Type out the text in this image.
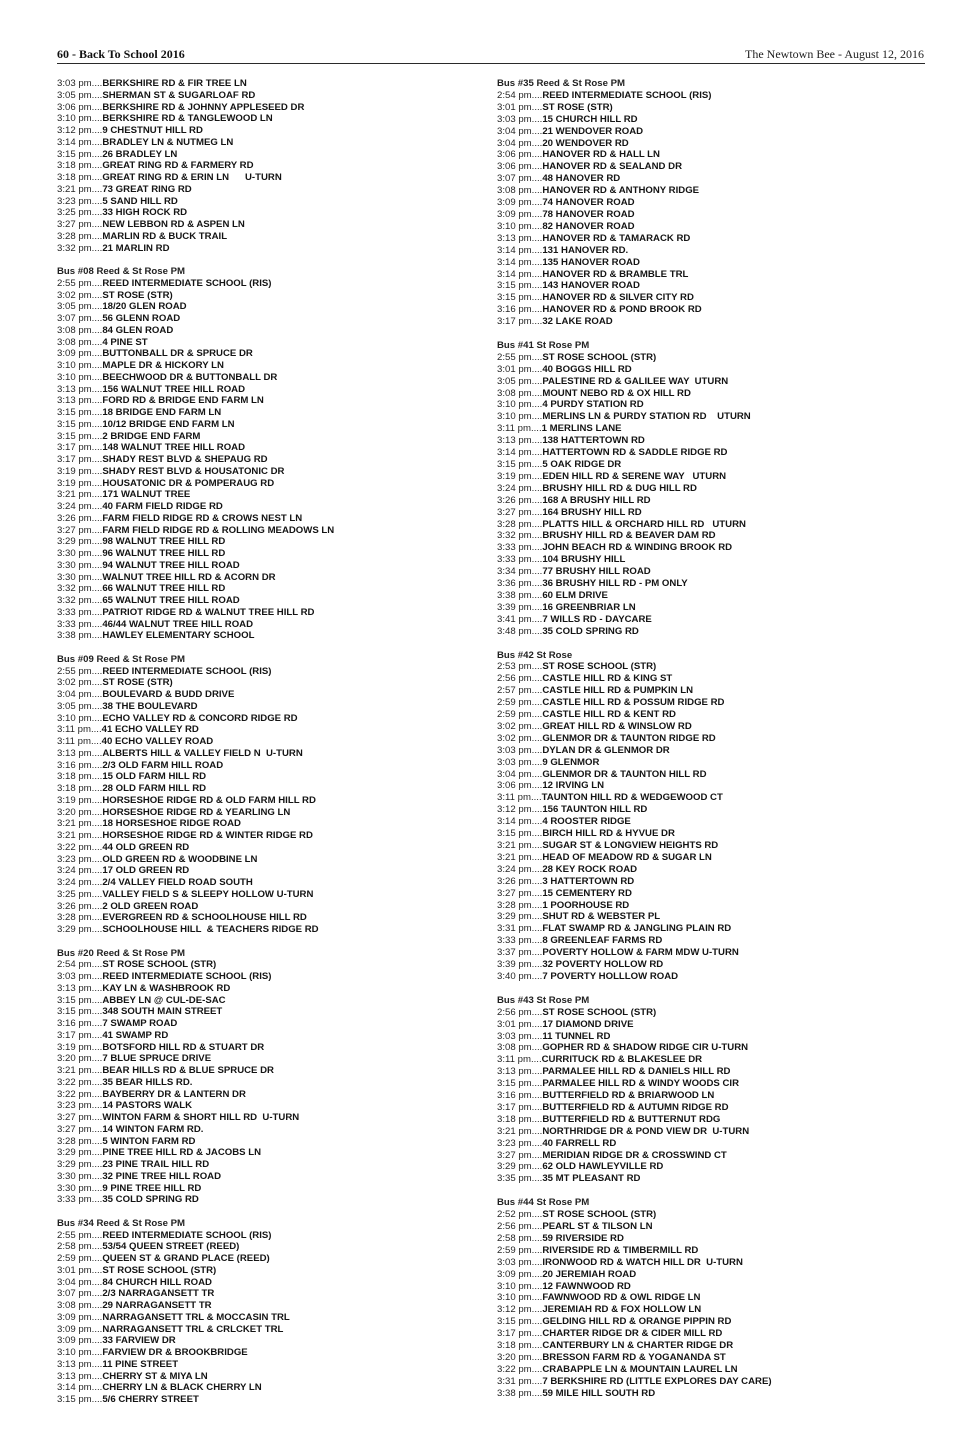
60 - Back To School 2016	The Newtown Bee - August 12, 2016
3:03 pm....BERKSHIRE RD & FIR TREE LN
3:05 pm....SHERMAN ST & SUGARLOAF RD
3:06 pm....BERKSHIRE RD & JOHNNY APPLESEED DR
3:10 pm....BERKSHIRE RD & TANGLEWOOD LN
3:12 pm....9 CHESTNUT HILL RD
3:14 pm....BRADLEY LN & NUTMEG LN
3:15 pm....26 BRADLEY LN
3:18 pm....GREAT RING RD & FARMERY RD
3:18 pm....GREAT RING RD & ERIN LN      U-TURN
3:21 pm....73 GREAT RING RD
3:23 pm....5 SAND HILL RD
3:25 pm....33 HIGH ROCK RD
3:27 pm....NEW LEBBON RD & ASPEN LN
3:28 pm....MARLIN RD & BUCK TRAIL
3:32 pm....21 MARLIN RD
Bus #08 Reed & St Rose PM
2:55 pm....REED INTERMEDIATE SCHOOL (RIS)
3:02 pm....ST ROSE (STR)
3:05 pm....18/20 GLEN ROAD
3:07 pm....56 GLENN ROAD
3:08 pm....84 GLEN ROAD
3:08 pm....4 PINE ST
3:09 pm....BUTTONBALL DR & SPRUCE DR
3:10 pm....MAPLE DR & HICKORY LN
3:10 pm....BEECHWOOD DR & BUTTONBALL DR
3:13 pm....156 WALNUT TREE HILL ROAD
3:13 pm....FORD RD & BRIDGE END FARM LN
3:15 pm....18 BRIDGE END FARM LN
3:15 pm....10/12 BRIDGE END FARM LN
3:15 pm....2 BRIDGE END FARM
3:17 pm....148 WALNUT TREE HILL ROAD
3:17 pm....SHADY REST BLVD & SHEPAUG RD
3:19 pm....SHADY REST BLVD & HOUSATONIC DR
3:19 pm....HOUSATONIC DR & POMPERAUG RD
3:21 pm....171 WALNUT TREE
3:24 pm....40 FARM FIELD RIDGE RD
3:26 pm....FARM FIELD RIDGE RD & CROWS NEST LN
3:27 pm....FARM FIELD RIDGE RD & ROLLING MEADOWS LN
3:29 pm....98 WALNUT TREE HILL RD
3:30 pm....96 WALNUT TREE HILL RD
3:30 pm....94 WALNUT TREE HILL ROAD
3:30 pm....WALNUT TREE HILL RD & ACORN DR
3:32 pm....66 WALNUT TREE HILL RD
3:32 pm....65 WALNUT TREE HILL ROAD
3:33 pm....PATRIOT RIDGE RD & WALNUT TREE HILL RD
3:33 pm....46/44 WALNUT TREE HILL ROAD
3:38 pm....HAWLEY ELEMENTARY SCHOOL
Bus #09 Reed & St Rose PM
2:55 pm....REED INTERMEDIATE SCHOOL (RIS)
3:02 pm....ST ROSE (STR)
3:04 pm....BOULEVARD & BUDD DRIVE
3:05 pm....38 THE BOULEVARD
3:10 pm....ECHO VALLEY RD & CONCORD RIDGE RD
3:11 pm....41 ECHO VALLEY RD
3:11 pm....40 ECHO VALLEY ROAD
3:13 pm....ALBERTS HILL & VALLEY FIELD N  U-TURN
3:16 pm....2/3 OLD FARM HILL ROAD
3:18 pm....15 OLD FARM HILL RD
3:18 pm....28 OLD FARM HILL RD
3:19 pm....HORSESHOE RIDGE RD & OLD FARM HILL RD
3:20 pm....HORSESHOE RIDGE RD & YEARLING LN
3:21 pm....18 HORSESHOE RIDGE ROAD
3:21 pm....HORSESHOE RIDGE RD & WINTER RIDGE RD
3:22 pm....44 OLD GREEN RD
3:23 pm....OLD GREEN RD & WOODBINE LN
3:24 pm....17 OLD GREEN RD
3:24 pm....2/4 VALLEY FIELD ROAD SOUTH
3:25 pm....VALLEY FIELD S & SLEEPY HOLLOW U-TURN
3:26 pm....2 OLD GREEN ROAD
3:28 pm....EVERGREEN RD & SCHOOLHOUSE HILL RD
3:29 pm....SCHOOLHOUSE HILL  & TEACHERS RIDGE RD
Bus #20 Reed & St Rose PM
2:54 pm....ST ROSE SCHOOL (STR)
3:03 pm....REED INTERMEDIATE SCHOOL (RIS)
3:13 pm....KAY LN & WASHBROOK RD
3:15 pm....ABBEY LN @ CUL-DE-SAC
3:15 pm....348 SOUTH MAIN STREET
3:16 pm....7 SWAMP ROAD
3:17 pm....41 SWAMP RD
3:19 pm....BOTSFORD HILL RD & STUART DR
3:20 pm....7 BLUE SPRUCE DRIVE
3:21 pm....BEAR HILLS RD & BLUE SPRUCE DR
3:22 pm....35 BEAR HILLS RD.
3:22 pm....BAYBERRY DR & LANTERN DR
3:23 pm....14 PASTORS WALK
3:27 pm....WINTON FARM & SHORT HILL RD  U-TURN
3:27 pm....14 WINTON FARM RD.
3:28 pm....5 WINTON FARM RD
3:29 pm....PINE TREE HILL RD & JACOBS LN
3:29 pm....23 PINE TRAIL HILL RD
3:30 pm....32 PINE TREE HILL ROAD
3:30 pm....9 PINE TREE HILL RD
3:33 pm....35 COLD SPRING RD
Bus #34 Reed & St Rose PM
2:55 pm....REED INTERMEDIATE SCHOOL (RIS)
2:58 pm....53/54 QUEEN STREET (REED)
2:59 pm....QUEEN ST & GRAND PLACE (REED)
3:01 pm....ST ROSE SCHOOL (STR)
3:04 pm....84 CHURCH HILL ROAD
3:07 pm....2/3 NARRAGANSETT TR
3:08 pm....29 NARRAGANSETT TR
3:09 pm....NARRAGANSETT TRL & MOCCASIN TRL
3:09 pm....NARRAGANSETT TRL & CRLCKET TRL
3:09 pm....33 FARVIEW DR
3:10 pm....FARVIEW DR & BROOKBRIDGE
3:13 pm....11 PINE STREET
3:13 pm....CHERRY ST & MIYA LN
3:14 pm....CHERRY LN & BLACK CHERRY LN
3:15 pm....5/6 CHERRY STREET
Bus #35 Reed & St Rose PM
2:54 pm....REED INTERMEDIATE SCHOOL (RIS)
3:01 pm....ST ROSE (STR)
3:03 pm....15 CHURCH HILL RD
3:04 pm....21 WENDOVER ROAD
3:04 pm....20 WENDOVER RD
3:06 pm....HANOVER RD & HALL LN
3:06 pm....HANOVER RD & SEALAND DR
3:07 pm....48 HANOVER RD
3:08 pm....HANOVER RD & ANTHONY RIDGE
3:09 pm....74 HANOVER ROAD
3:09 pm....78 HANOVER ROAD
3:10 pm....82 HANOVER ROAD
3:13 pm....HANOVER RD & TAMARACK RD
3:14 pm....131 HANOVER RD.
3:14 pm....135 HANOVER ROAD
3:14 pm....HANOVER RD & BRAMBLE TRL
3:15 pm....143 HANOVER ROAD
3:15 pm....HANOVER RD & SILVER CITY RD
3:16 pm....HANOVER RD & POND BROOK RD
3:17 pm....32 LAKE ROAD
Bus #41 St Rose PM
2:55 pm....ST ROSE SCHOOL (STR)
3:01 pm....40 BOGGS HILL RD
3:05 pm....PALESTINE RD & GALILEE WAY  UTURN
3:08 pm....MOUNT NEBO RD & OX HILL RD
3:10 pm....4 PURDY STATION RD
3:10 pm....MERLINS LN & PURDY STATION RD    UTURN
3:11 pm....1 MERLINS LANE
3:13 pm....138 HATTERTOWN RD
3:14 pm....HATTERTOWN RD & SADDLE RIDGE RD
3:15 pm....5 OAK RIDGE DR
3:19 pm....EDEN HILL RD & SERENE WAY   UTURN
3:24 pm....BRUSHY HILL RD & DUG HILL RD
3:26 pm....168 A BRUSHY HILL RD
3:27 pm....164 BRUSHY HILL RD
3:28 pm....PLATTS HILL & ORCHARD HILL RD   UTURN
3:32 pm....BRUSHY HILL RD & BEAVER DAM RD
3:33 pm....JOHN BEACH RD & WINDING BROOK RD
3:33 pm....104 BRUSHY HILL
3:34 pm....77 BRUSHY HILL ROAD
3:36 pm....36 BRUSHY HILL RD - PM ONLY
3:38 pm....60 ELM DRIVE
3:39 pm....16 GREENBRIAR LN
3:41 pm....7 WILLS RD - DAYCARE
3:48 pm....35 COLD SPRING RD
Bus #42 St Rose
2:53 pm....ST ROSE SCHOOL (STR)
2:56 pm....CASTLE HILL RD & KING ST
2:57 pm....CASTLE HILL RD & PUMPKIN LN
2:59 pm....CASTLE HILL RD & POSSUM RIDGE RD
2:59 pm....CASTLE HILL RD & KENT RD
3:02 pm....GREAT HILL RD & WINSLOW RD
3:02 pm....GLENMOR DR & TAUNTON RIDGE RD
3:03 pm....DYLAN DR & GLENMOR DR
3:03 pm....9 GLENMOR
3:04 pm....GLENMOR DR & TAUNTON HILL RD
3:06 pm....12 IRVING LN
3:11 pm....TAUNTON HILL RD & WEDGEWOOD CT
3:12 pm....156 TAUNTON HILL RD
3:14 pm....4 ROOSTER RIDGE
3:15 pm....BIRCH HILL RD & HYVUE DR
3:21 pm....SUGAR ST & LONGVIEW HEIGHTS RD
3:21 pm....HEAD OF MEADOW RD & SUGAR LN
3:24 pm....28 KEY ROCK ROAD
3:26 pm....3 HATTERTOWN RD
3:27 pm....15 CEMENTERY RD
3:28 pm....1 POORHOUSE RD
3:29 pm....SHUT RD & WEBSTER PL
3:31 pm....FLAT SWAMP RD & JANGLING PLAIN RD
3:33 pm....8 GREENLEAF FARMS RD
3:37 pm....POVERTY HOLLOW & FARM MDW U-TURN
3:39 pm....32 POVERTY HOLLOW RD
3:40 pm....7 POVERTY HOLLLOW ROAD
Bus #43 St Rose PM
2:56 pm....ST ROSE SCHOOL (STR)
3:01 pm....17 DIAMOND DRIVE
3:03 pm....11 TUNNEL RD
3:08 pm....GOPHER RD & SHADOW RIDGE CIR U-TURN
3:11 pm....CURRITUCK RD & BLAKESLEE DR
3:13 pm....PARMALEE HILL RD & DANIELS HILL RD
3:15 pm....PARMALEE HILL RD & WINDY WOODS CIR
3:16 pm....BUTTERFIELD RD & BRIARWOOD LN
3:17 pm....BUTTERFIELD RD & AUTUMN RIDGE RD
3:18 pm....BUTTERFIELD RD & BUTTERNUT RDG
3:21 pm....NORTHRIDGE DR & POND VIEW DR  U-TURN
3:23 pm....40 FARRELL RD
3:27 pm....MERIDIAN RIDGE DR & CROSSWIND CT
3:29 pm....62 OLD HAWLEYVILLE RD
3:35 pm....35 MT PLEASANT RD
Bus #44 St Rose PM
2:52 pm....ST ROSE SCHOOL (STR)
2:56 pm....PEARL ST & TILSON LN
2:58 pm....59 RIVERSIDE RD
2:59 pm....RIVERSIDE RD & TIMBERMILL RD
3:03 pm....IRONWOOD RD & WATCH HILL DR  U-TURN
3:09 pm....20 JEREMIAH ROAD
3:10 pm....12 FAWNWOOD RD
3:10 pm....FAWNWOOD RD & OWL RIDGE LN
3:12 pm....JEREMIAH RD & FOX HOLLOW LN
3:15 pm....GELDING HILL RD & ORANGE PIPPIN RD
3:17 pm....CHARTER RIDGE DR & CIDER MILL RD
3:18 pm....CANTERBURY LN & CHARTER RIDGE DR
3:20 pm....BRESSON FARM RD & YOGANANDA ST
3:22 pm....CRABAPPLE LN & MOUNTAIN LAUREL LN
3:31 pm....7 BERKSHIRE RD (LITTLE EXPLORES DAY CARE)
3:38 pm....59 MILE HILL SOUTH RD
